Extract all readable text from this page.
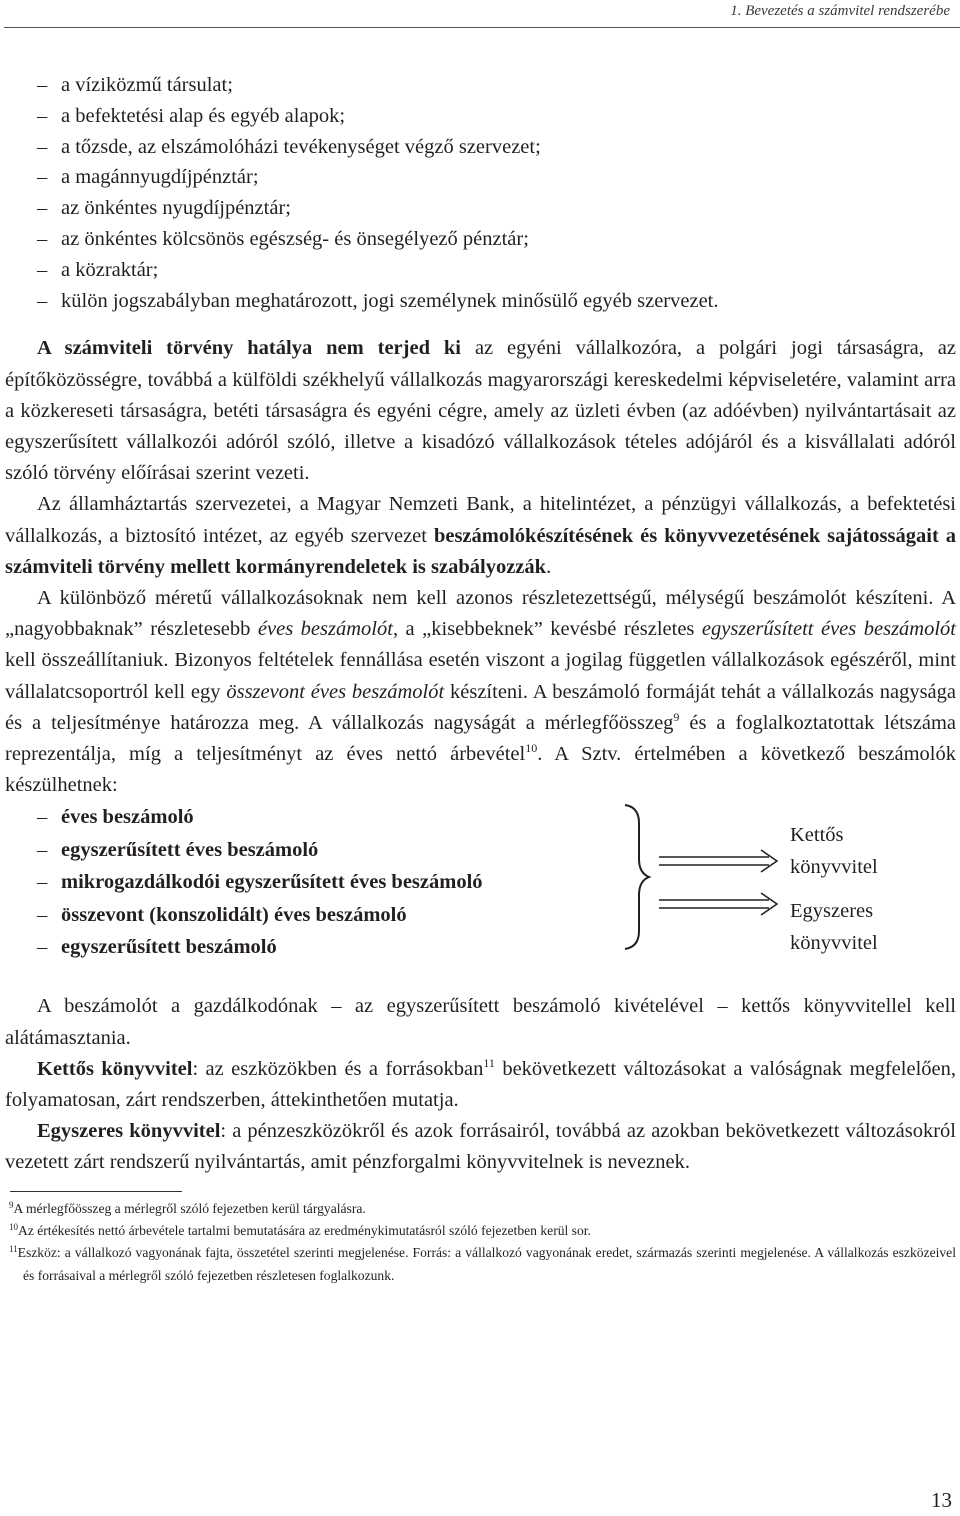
1. Bevezetés a számvitel rendszerébe
– a víziközmű társulat;
– a befektetési alap és egyéb alapok;
– a tőzsde, az elszámolóházi tevékenységet végző szervezet;
– a magánnyugdíjpénztár;
– az önkéntes nyugdíjpénztár;
– az önkéntes kölcsönös egészség- és önsegélyező pénztár;
– a közraktár;
– külön jogszabályban meghatározott, jogi személynek minősülő egyéb szervezet.

A számviteli törvény hatálya nem terjed ki az egyéni vállalkozóra, a polgári jogi társaságra, az építőközösségre, továbbá a külföldi székhelyű vállalkozás magyarországi kereskedelmi képviseletére, valamint arra a közkereseti társaságra, betéti társaságra és egyéni cégre, amely az üzleti évben (az adóévben) nyilvántartásait az egyszerűsített vállalkozói adóról szóló, illetve a kisadózó vállalkozások tételes adójáról és a kisvállalati adóról szóló törvény előírásai szerint vezeti.

Az államháztartás szervezetei, a Magyar Nemzeti Bank, a hitelintézet, a pénzügyi vállalkozás, a befektetési vállalkozás, a biztosító intézet, az egyéb szervezet beszámolókészítésének és könyvvezetésének sajátosságait a számviteli törvény mellett kormányrendeletek is szabályozzák.

A különböző méretű vállalkozásoknak nem kell azonos részletezettségű, mélységű beszámolót készíteni. A „nagyobbaknak” részletesebb éves beszámolót, a „kisebbeknek” kevésbé részletes egyszerűsített éves beszámolót kell összeállítaniuk. Bizonyos feltételek fennállása esetén viszont a jogilag független vállalkozások egészéről, mint vállalatcsoportról kell egy összevont éves beszámolót készíteni. A beszámoló formáját tehát a vállalkozás nagysága és a teljesítménye határozza meg. A vállalkozás nagyságát a mérlegfőösszeg$^9$ és a foglalkoztatottak létszáma reprezentálja, míg a teljesítményt az éves nettó árbevétel$^{10}$. A Sztv. értelmében a következő beszámolók készülhetnek:

– éves beszámoló
– egyszerűsített éves beszámoló
– mikrogazdálkodói egyszerűsített éves beszámoló
– összevont (konszolidált) éves beszámoló
– egyszerűsített beszámoló
Kettős
könyvvitel
Egyszeres
könyvvitel

A beszámolót a gazdálkodónak – az egyszerűsített beszámoló kivételével – kettős könyvvitellel kell alátámasztania.

Kettős könyvvitel: az eszközökben és a forrásokban$^{11}$ bekövetkezett változásokat a valóságnak megfelelően, folyamatosan, zárt rendszerben, áttekinthetően mutatja.

Egyszeres könyvvitel: a pénzeszközökről és azok forrásairól, továbbá az azokban bekövetkezett változásokról vezetett zárt rendszerű nyilvántartás, amit pénzforgalmi könyvvitelnek is neveznek.

$^9$A mérlegfőösszeg a mérlegről szóló fejezetben kerül tárgyalásra.
$^{10}$Az értékesítés nettó árbevétele tartalmi bemutatására az eredménykimutatásról szóló fejezetben kerül sor.
$^{11}$Eszköz: a vállalkozó vagyonának fajta, összetétel szerinti megjelenése. Forrás: a vállalkozó vagyonának eredet, származás szerinti megjelenése. A vállalkozás eszközeivel és forrásaival a mérlegről szóló fejezetben részletesen foglalkozunk.
13
